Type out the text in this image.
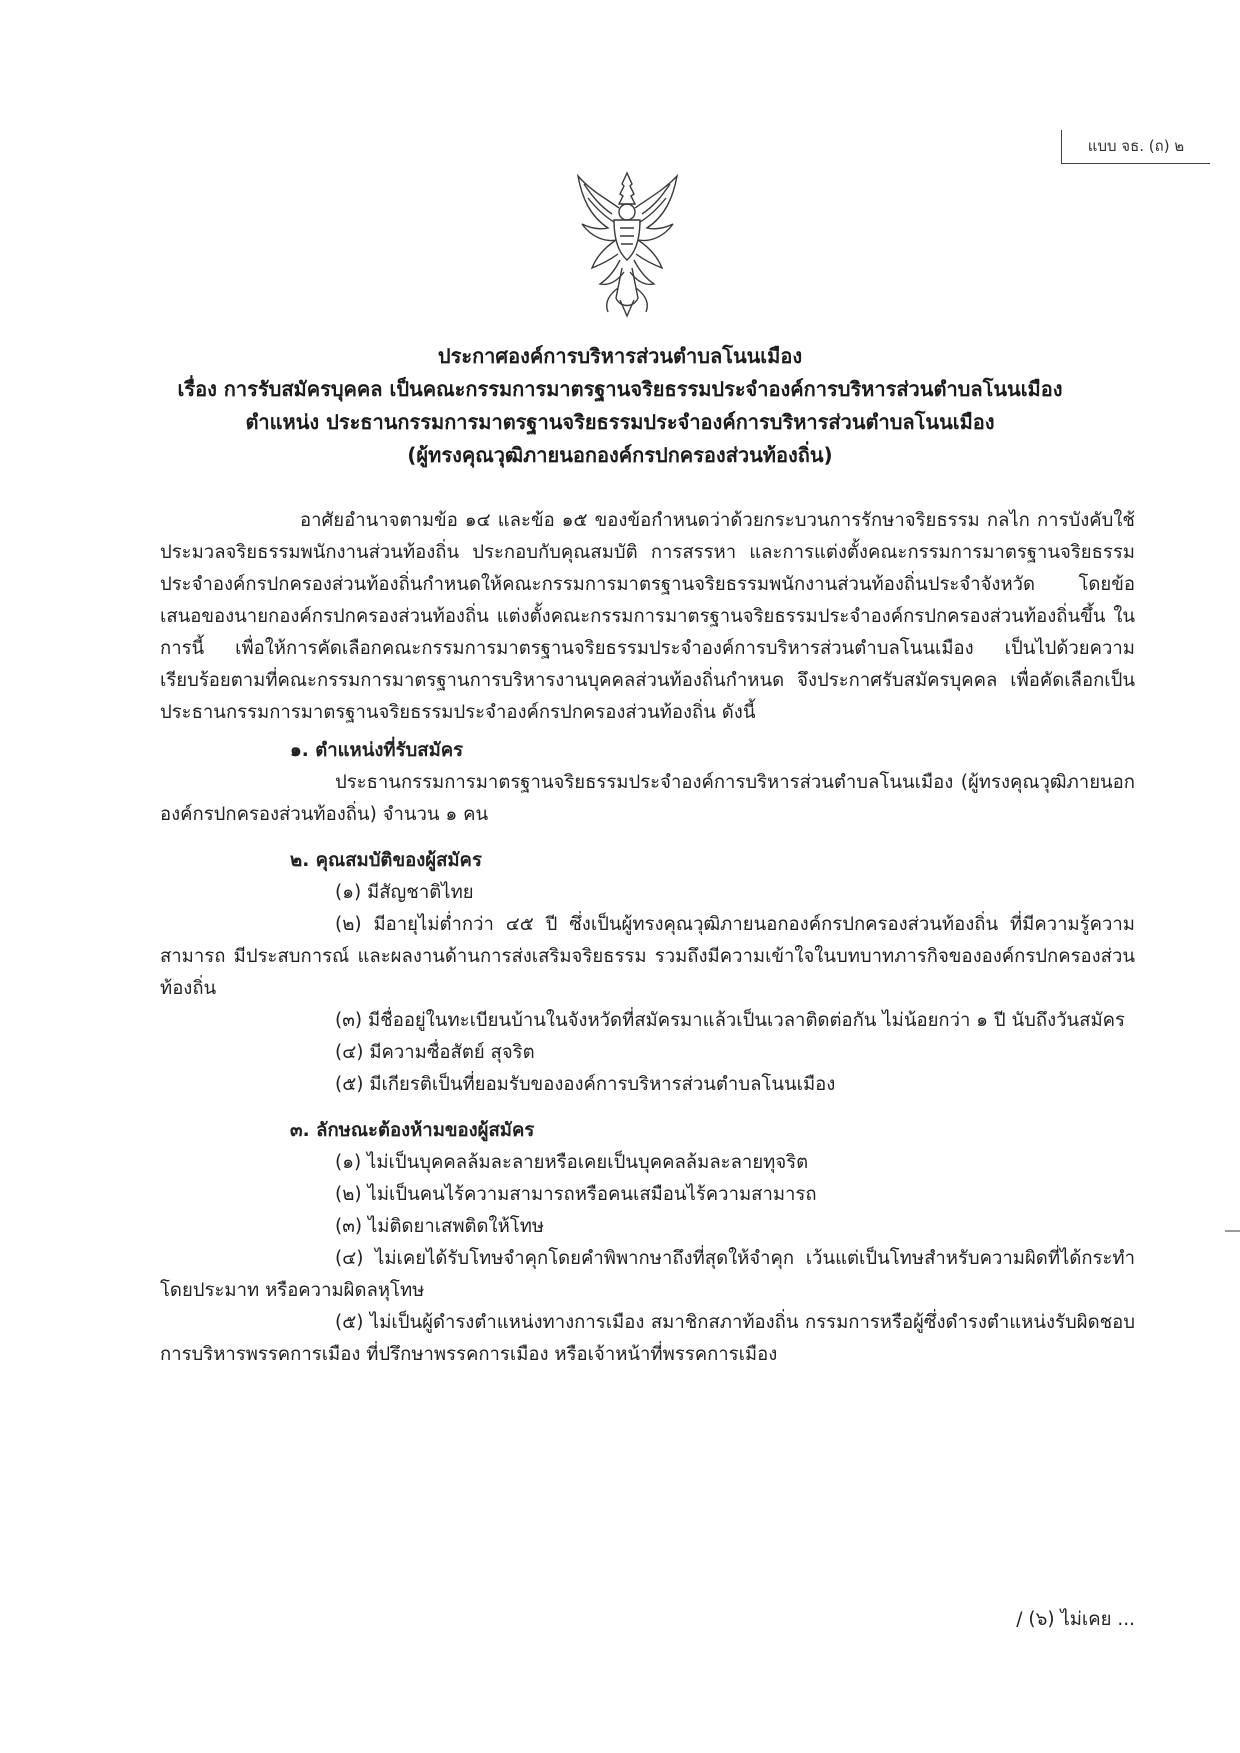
แบบ จธ. (ถ) ๒
ประกาศองค์การบริหารส่วนตำบลโนนเมือง
เรื่อง การรับสมัครบุคคล เป็นคณะกรรมการมาตรฐานจริยธรรมประจำองค์การบริหารส่วนตำบลโนนเมือง
ตำแหน่ง ประธานกรรมการมาตรฐานจริยธรรมประจำองค์การบริหารส่วนตำบลโนนเมือง
(ผู้ทรงคุณวุฒิภายนอกองค์กรปกครองส่วนท้องถิ่น)
อาศัยอำนาจตามข้อ ๑๔ และข้อ ๑๕ ของข้อกำหนดว่าด้วยกระบวนการรักษาจริยธรรม กลไก การบังคับใช้ประมวลจริยธรรมพนักงานส่วนท้องถิ่น ประกอบกับคุณสมบัติ การสรรหา และการแต่งตั้งคณะกรรมการมาตรฐานจริยธรรมประจำองค์กรปกครองส่วนท้องถิ่นกำหนดให้คณะกรรมการมาตรฐานจริยธรรมพนักงานส่วนท้องถิ่นประจำจังหวัด โดยข้อเสนอของนายกองค์กรปกครองส่วนท้องถิ่น แต่งตั้งคณะกรรมการมาตรฐานจริยธรรมประจำองค์กรปกครองส่วนท้องถิ่นขึ้น ในการนี้ เพื่อให้การคัดเลือกคณะกรรมการมาตรฐานจริยธรรมประจำองค์การบริหารส่วนตำบลโนนเมือง เป็นไปด้วยความเรียบร้อยตามที่คณะกรรมการมาตรฐานการบริหารงานบุคคลส่วนท้องถิ่นกำหนด จึงประกาศรับสมัครบุคคล เพื่อคัดเลือกเป็นประธานกรรมการมาตรฐานจริยธรรมประจำองค์กรปกครองส่วนท้องถิ่น ดังนี้
๑. ตำแหน่งที่รับสมัคร
ประธานกรรมการมาตรฐานจริยธรรมประจำองค์การบริหารส่วนตำบลโนนเมือง (ผู้ทรงคุณวุฒิภายนอกองค์กรปกครองส่วนท้องถิ่น) จำนวน ๑ คน
๒. คุณสมบัติของผู้สมัคร
(๑) มีสัญชาติไทย
(๒) มีอายุไม่ต่ำกว่า ๔๕ ปี ซึ่งเป็นผู้ทรงคุณวุฒิภายนอกองค์กรปกครองส่วนท้องถิ่น ที่มีความรู้ความสามารถ มีประสบการณ์ และผลงานด้านการส่งเสริมจริยธรรม รวมถึงมีความเข้าใจในบทบาทภารกิจขององค์กรปกครองส่วนท้องถิ่น
(๓) มีชื่ออยู่ในทะเบียนบ้านในจังหวัดที่สมัครมาแล้วเป็นเวลาติดต่อกัน ไม่น้อยกว่า ๑ ปี นับถึงวันสมัคร
(๔) มีความซื่อสัตย์ สุจริต
(๕) มีเกียรติเป็นที่ยอมรับขององค์การบริหารส่วนตำบลโนนเมือง
๓. ลักษณะต้องห้ามของผู้สมัคร
(๑) ไม่เป็นบุคคลล้มละลายหรือเคยเป็นบุคคลล้มละลายทุจริต
(๒) ไม่เป็นคนไร้ความสามารถหรือคนเสมือนไร้ความสามารถ
(๓) ไม่ติดยาเสพติดให้โทษ
(๔) ไม่เคยได้รับโทษจำคุกโดยคำพิพากษาถึงที่สุดให้จำคุก เว้นแต่เป็นโทษสำหรับความผิดที่ได้กระทำโดยประมาท หรือความผิดลหุโทษ
(๕) ไม่เป็นผู้ดำรงตำแหน่งทางการเมือง สมาชิกสภาท้องถิ่น กรรมการหรือผู้ซึ่งดำรงตำแหน่งรับผิดชอบการบริหารพรรคการเมือง ที่ปรึกษาพรรคการเมือง หรือเจ้าหน้าที่พรรคการเมือง
/ (๖) ไม่เคย ...
